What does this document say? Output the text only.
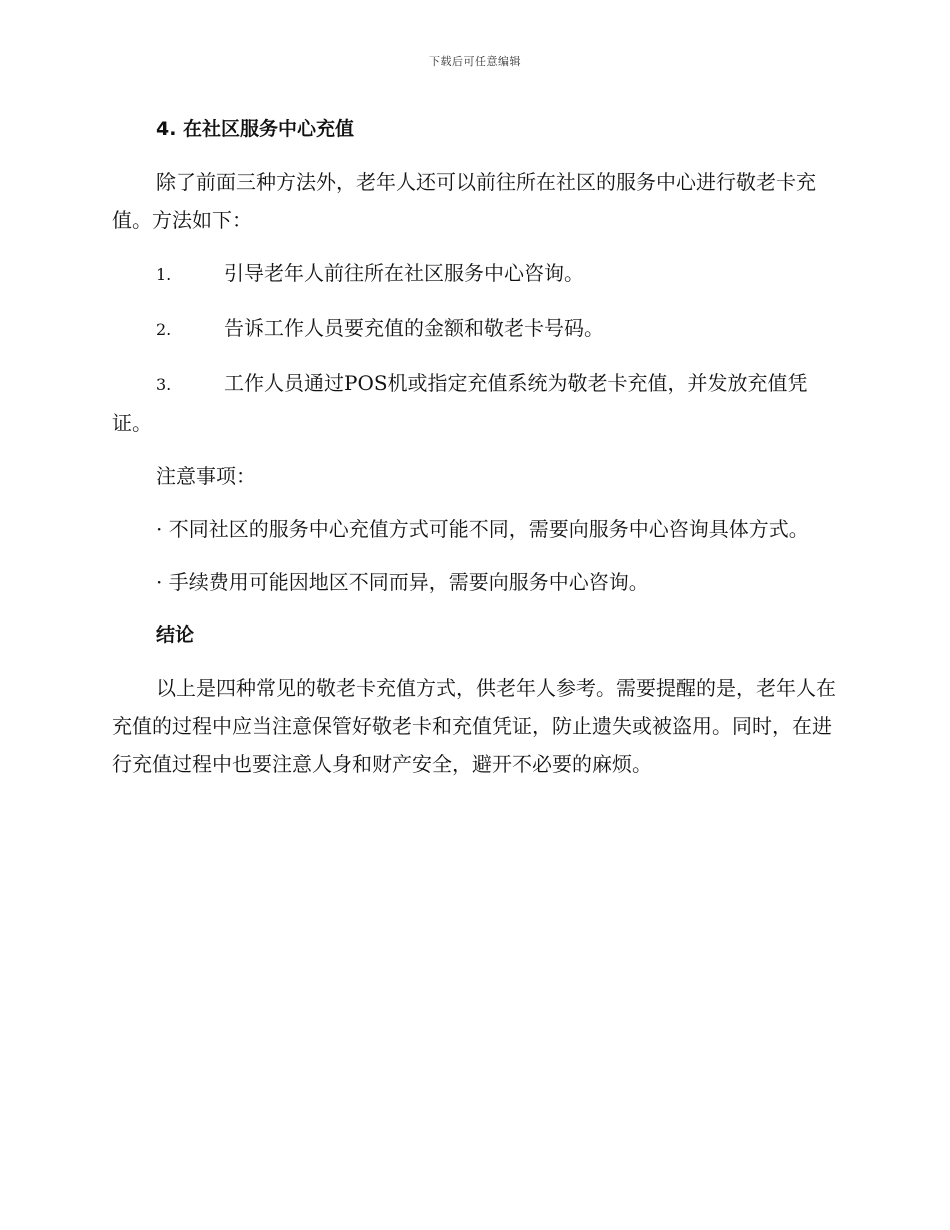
下载后可任意编辑
4. 在社区服务中心充值

除了前面三种方法外，老年人还可以前往所在社区的服务中心进行敬老卡充值。方法如下：

1.	引导老年人前往所在社区服务中心咨询。
2.	告诉工作人员要充值的金额和敬老卡号码。
3.	工作人员通过POS机或指定充值系统为敬老卡充值，并发放充值凭证。

注意事项：

· 不同社区的服务中心充值方式可能不同，需要向服务中心咨询具体方式。

· 手续费用可能因地区不同而异，需要向服务中心咨询。

结论

以上是四种常见的敬老卡充值方式，供老年人参考。需要提醒的是，老年人在充值的过程中应当注意保管好敬老卡和充值凭证，防止遗失或被盗用。同时，在进行充值过程中也要注意人身和财产安全，避开不必要的麻烦。
